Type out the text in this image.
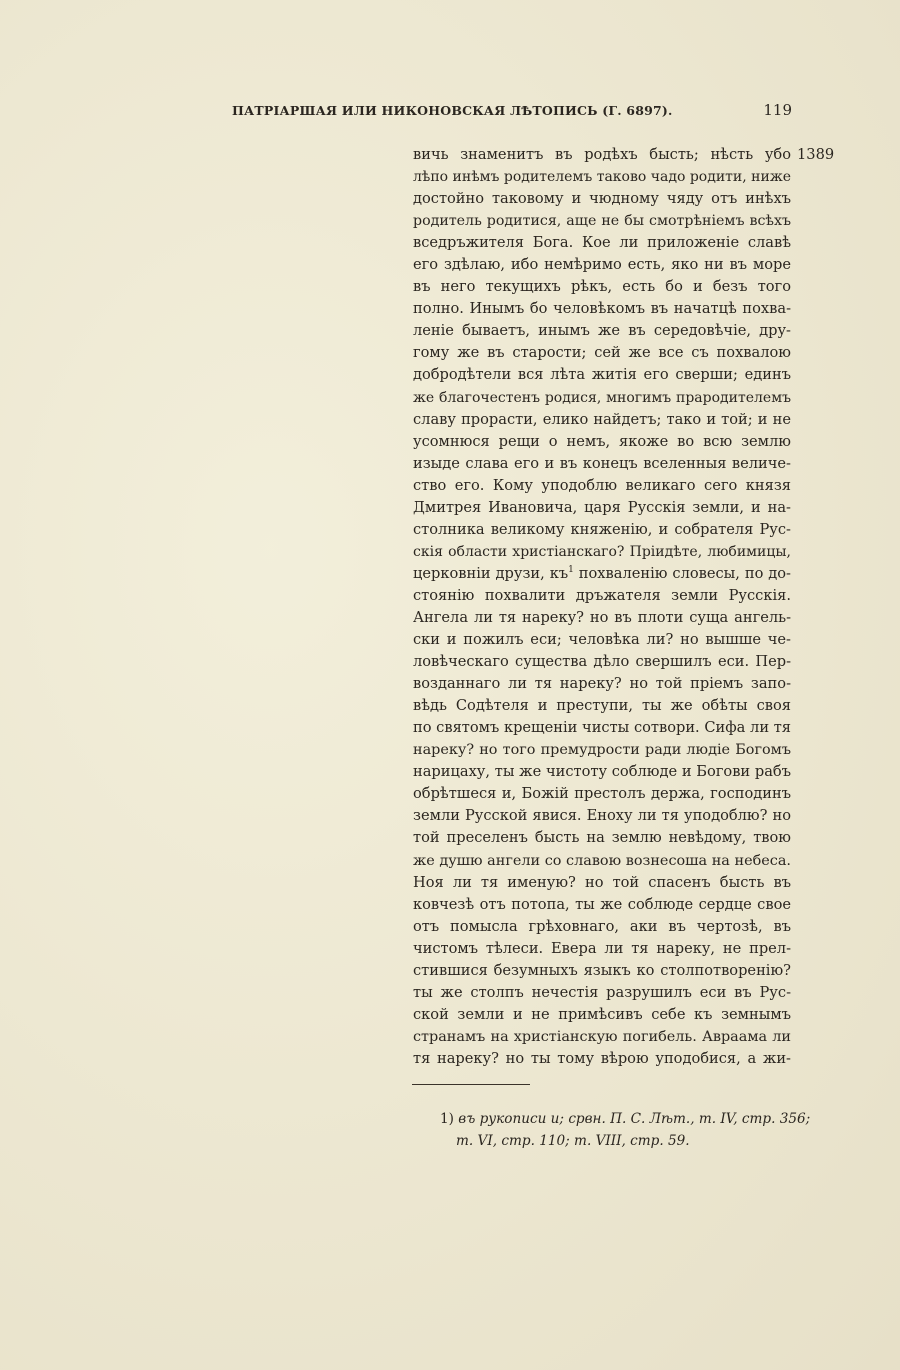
ПАТРІАРШАЯ ИЛИ НИКОНОВСКАЯ ЛѢТОПИСЬ (Г. 6897).	119
1389
вичь знаменитъ въ родѣхъ бысть; нѣсть убо
лѣпо инѣмъ родителемъ таково чадо родити, ниже
достойно таковому и чюдному чяду отъ инѣхъ
родитель родитися, аще не бы смотрѣніемъ всѣхъ
вседръжителя Бога. Кое ли приложеніе славѣ
его здѣлаю, ибо немѣримо есть, яко ни въ море
въ него текущихъ рѣкъ, есть бо и безъ того
полно. Инымъ бо человѣкомъ въ начатцѣ похва-
леніе бываетъ, инымъ же въ середовѣчіе, дру-
гому же въ старости; сей же все съ похвалою
добродѣтели вся лѣта житія его сверши; единъ
же благочестенъ родися, многимъ прародителемъ
славу прорасти, елико найдетъ; тако и той; и не
усомнюся рещи о немъ, якоже во всю землю
изыде слава его и въ конецъ вселенныя величе-
ство его. Кому уподоблю великаго сего князя
Дмитрея Ивановича, царя Русскія земли, и на-
столника великому княженію, и собрателя Рус-
скія области христіанскаго? Пріидѣте, любимицы,
церковніи друзи, $къ^1$ похваленію словесы, по до-
стоянію похвалити дръжателя земли Русскія.
Ангела ли тя нареку? но въ плоти суща ангель-
ски и пожилъ еси; человѣка ли? но вышше че-
ловѣческаго существа дѣло свершилъ еси. Пер-
возданнаго ли тя нареку? но той пріемъ запо-
вѣдь Содѣтеля и преступи, ты же обѣты своя
по святомъ крещеніи чисты сотвори. Сифа ли тя
нареку? но того премудрости ради людіе Богомъ
нарицаху, ты же чистоту соблюде и Богови рабъ
обрѣтшеся и, Божій престолъ держа, господинъ
земли Русской явися. Еноху ли тя уподоблю? но
той преселенъ бысть на землю невѣдому, твою
же душю ангели со славою вознесоша на небеса.
Ноя ли тя именую? но той спасенъ бысть въ
ковчезѣ отъ потопа, ты же соблюде сердце свое
отъ помысла грѣховнаго, аки въ чертозѣ, въ
чистомъ тѣлеси. Евера ли тя нареку, не прел-
стившися безумныхъ языкъ ко столпотворенію?
ты же столпъ нечестія разрушилъ еси въ Рус-
ской земли и не примѣсивъ себе къ земнымъ
странамъ на христіанскую погибель. Авраама ли
тя нареку? но ты тому вѣрою уподобися, а жи-
1) въ рукописи и; срвн. П. С. Лѣт., т. IV, стр. 356;
т. VI, стр. 110; т. VIII, стр. 59.
